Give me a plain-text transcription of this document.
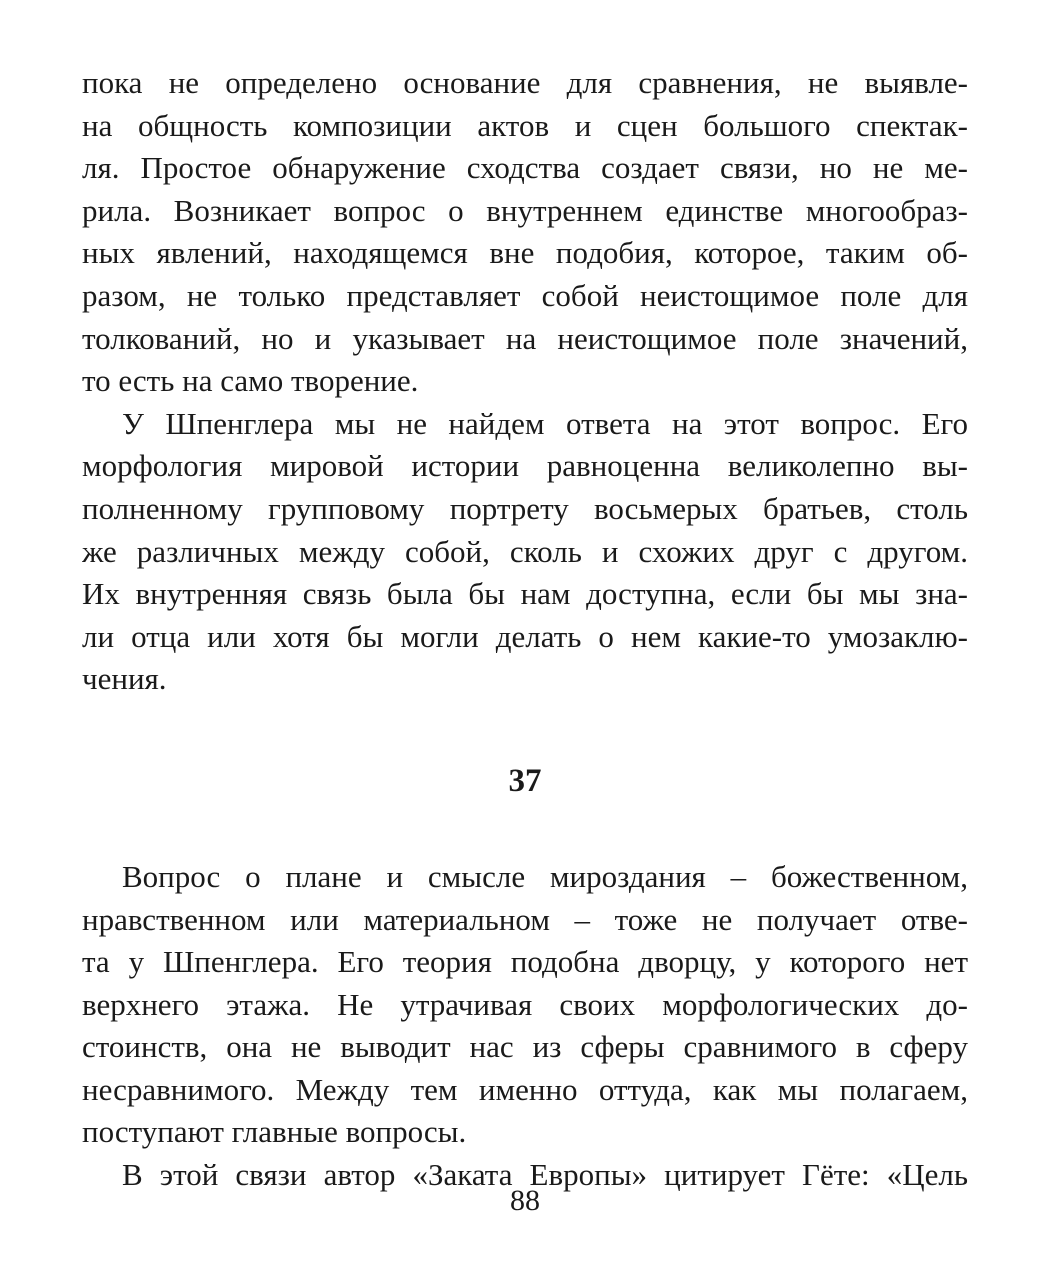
пока не определено основание для сравнения, не выявле-
на общность композиции актов и сцен большого спектак-
ля. Простое обнаружение сходства создает связи, но не ме-
рила. Возникает вопрос о внутреннем единстве многообраз-
ных явлений, находящемся вне подобия, которое, таким об-
разом, не только представляет собой неистощимое поле для
толкований, но и указывает на неистощимое поле значений,
то есть на само творение.
У Шпенглера мы не найдем ответа на этот вопрос. Его
морфология мировой истории равноценна великолепно вы-
полненному групповому портрету восьмерых братьев, столь
же различных между собой, сколь и схожих друг с другом.
Их внутренняя связь была бы нам доступна, если бы мы зна-
ли отца или хотя бы могли делать о нем какие-то умозаклю-
чения.
37
Вопрос о плане и смысле мироздания – божественном,
нравственном или материальном – тоже не получает отве-
та у Шпенглера. Его теория подобна дворцу, у которого нет
верхнего этажа. Не утрачивая своих морфологических до-
стоинств, она не выводит нас из сферы сравнимого в сферу
несравнимого. Между тем именно оттуда, как мы полагаем,
поступают главные вопросы.
В этой связи автор «Заката Европы» цитирует Гёте: «Цель
88
